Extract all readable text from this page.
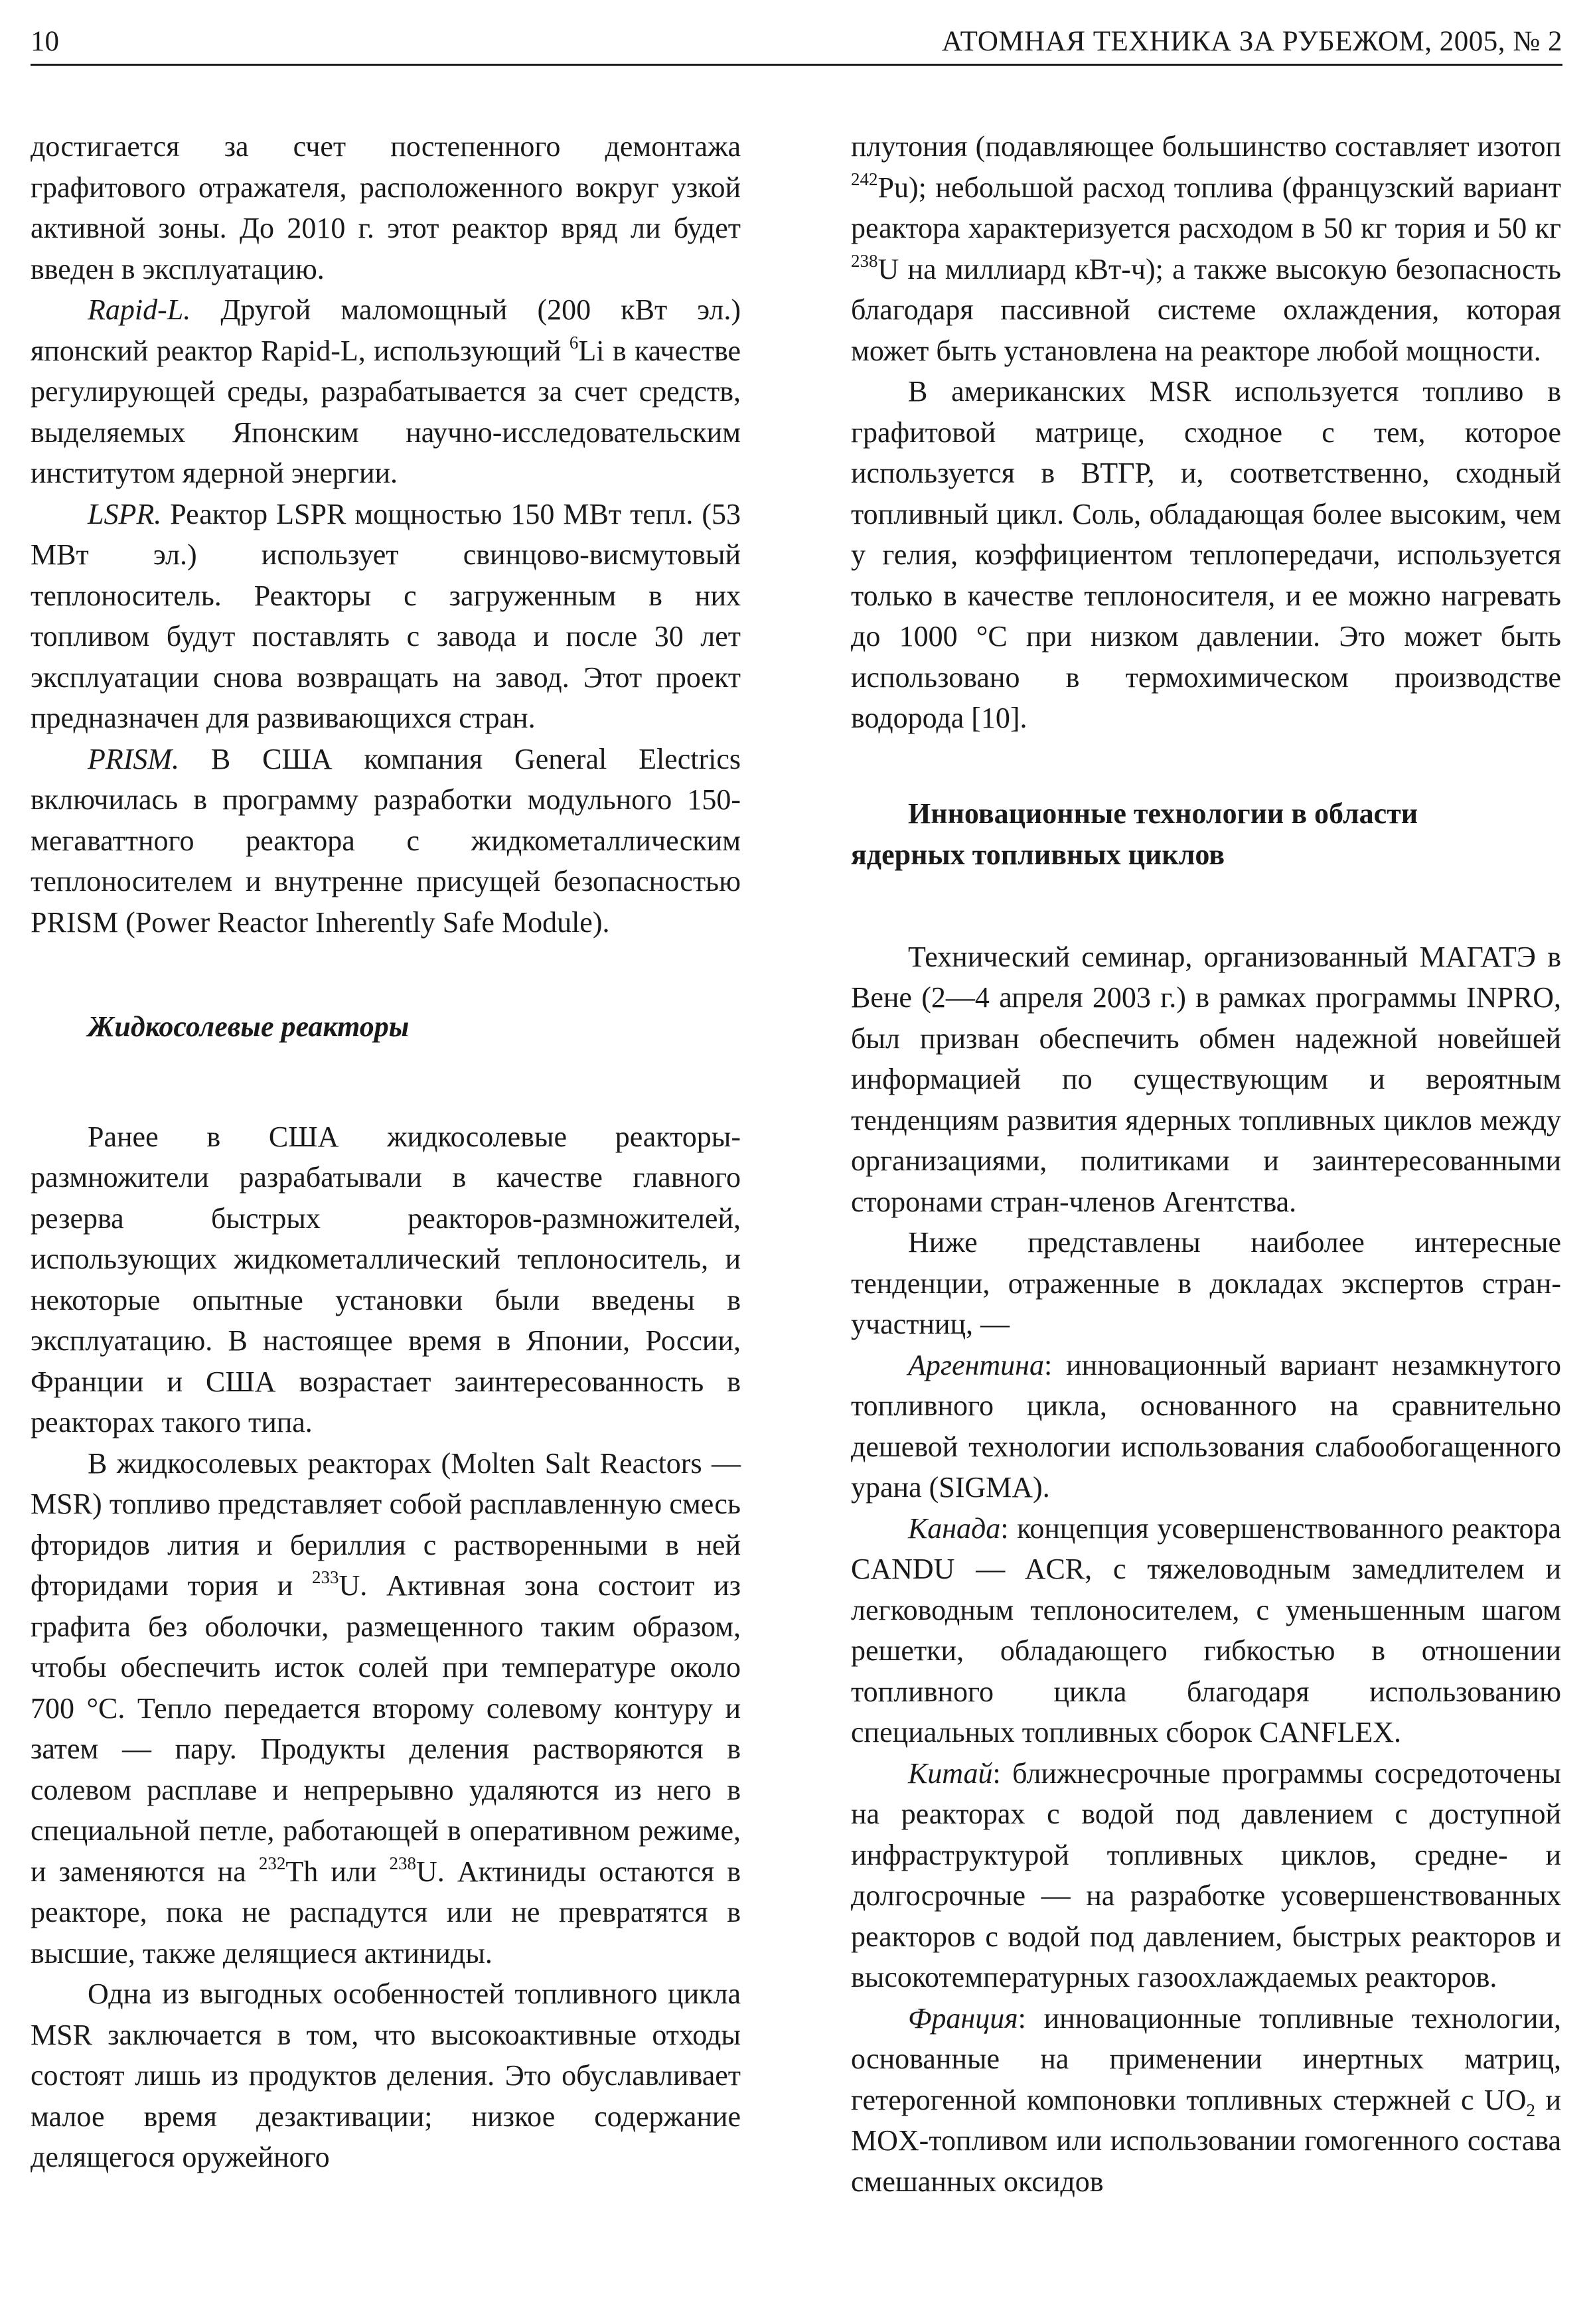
10	АТОМНАЯ ТЕХНИКА ЗА РУБЕЖОМ, 2005, № 2

достигается за счет постепенного демонтажа графитового отражателя, расположенного вокруг узкой активной зоны. До 2010 г. этот реактор вряд ли будет введен в эксплуатацию.

Rapid-L. Другой маломощный (200 кВт эл.) японский реактор Rapid-L, использующий $^6$Li в качестве регулирующей среды, разрабатывается за счет средств, выделяемых Японским научно-исследовательским институтом ядерной энергии.

LSPR. Реактор LSPR мощностью 150 МВт тепл. (53 МВт эл.) использует свинцово-висмутовый теплоноситель. Реакторы с загруженным в них топливом будут поставлять с завода и после 30 лет эксплуатации снова возвращать на завод. Этот проект предназначен для развивающихся стран.

PRISM. В США компания General Electrics включилась в программу разработки модульного 150-мегаваттного реактора с жидкометаллическим теплоносителем и внутренне присущей безопасностью PRISM (Power Reactor Inherently Safe Module).

Жидкосолевые реакторы

Ранее в США жидкосолевые реакторы-размножители разрабатывали в качестве главного резерва быстрых реакторов-размножителей, использующих жидкометаллический теплоноситель, и некоторые опытные установки были введены в эксплуатацию. В настоящее время в Японии, России, Франции и США возрастает заинтересованность в реакторах такого типа.

В жидкосолевых реакторах (Molten Salt Reactors — MSR) топливо представляет собой расплавленную смесь фторидов лития и бериллия с растворенными в ней фторидами тория и $^{233}$U. Активная зона состоит из графита без оболочки, размещенного таким образом, чтобы обеспечить исток солей при температуре около 700 °С. Тепло передается второму солевому контуру и затем — пару. Продукты деления растворяются в солевом расплаве и непрерывно удаляются из него в специальной петле, работающей в оперативном режиме, и заменяются на $^{232}$Th или $^{238}$U. Актиниды остаются в реакторе, пока не распадутся или не превратятся в высшие, также делящиеся актиниды.

Одна из выгодных особенностей топливного цикла MSR заключается в том, что высокоактивные отходы состоят лишь из продуктов деления. Это обуславливает малое время дезактивации; низкое содержание делящегося оружейного

плутония (подавляющее большинство составляет изотоп $^{242}$Pu); небольшой расход топлива (французский вариант реактора характеризуется расходом в 50 кг тория и 50 кг $^{238}$U на миллиард кВт-ч); а также высокую безопасность благодаря пассивной системе охлаждения, которая может быть установлена на реакторе любой мощности.

В американских MSR используется топливо в графитовой матрице, сходное с тем, которое используется в ВТГР, и, соответственно, сходный топливный цикл. Соль, обладающая более высоким, чем у гелия, коэффициентом теплопередачи, используется только в качестве теплоносителя, и ее можно нагревать до 1000 °С при низком давлении. Это может быть использовано в термохимическом производстве водорода [10].

Инновационные технологии в области
ядерных топливных циклов

Технический семинар, организованный МАГАТЭ в Вене (2—4 апреля 2003 г.) в рамках программы INPRO, был призван обеспечить обмен надежной новейшей информацией по существующим и вероятным тенденциям развития ядерных топливных циклов между организациями, политиками и заинтересованными сторонами стран-членов Агентства.

Ниже представлены наиболее интересные тенденции, отраженные в докладах экспертов стран-участниц, —

Аргентина: инновационный вариант незамкнутого топливного цикла, основанного на сравнительно дешевой технологии использования слабообогащенного урана (SIGMA).

Канада: концепция усовершенствованного реактора CANDU — ACR, с тяжеловодным замедлителем и легководным теплоносителем, с уменьшенным шагом решетки, обладающего гибкостью в отношении топливного цикла благодаря использованию специальных топливных сборок CANFLEX.

Китай: ближнесрочные программы сосредоточены на реакторах с водой под давлением с доступной инфраструктурой топливных циклов, средне- и долгосрочные — на разработке усовершенствованных реакторов с водой под давлением, быстрых реакторов и высокотемпературных газоохлаждаемых реакторов.

Франция: инновационные топливные технологии, основанные на применении инертных матриц, гетерогенной компоновки топливных стержней с $UO_2$ и MOX-топливом или использовании гомогенного состава смешанных оксидов
